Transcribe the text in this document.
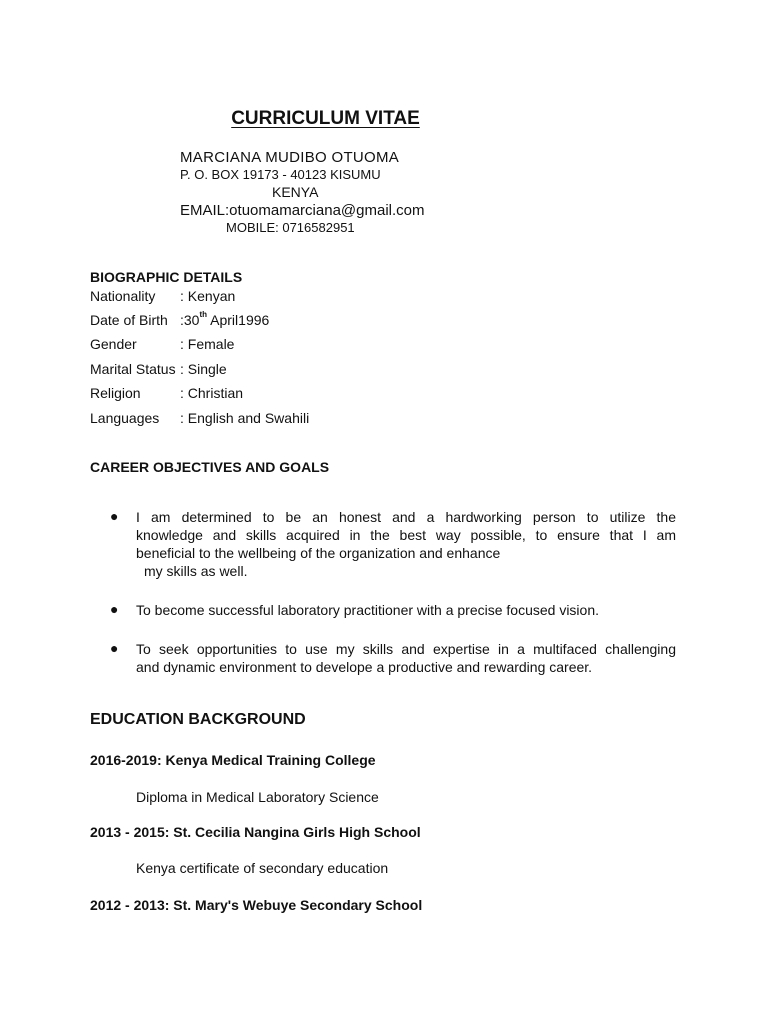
CURRICULUM VITAE
MARCIANA MUDIBO OTUOMA
P. O. BOX 19173 - 40123 KISUMU
KENYA
EMAIL:otuomamarciana@gmail.com
MOBILE: 0716582951
BIOGRAPHIC DETAILS
Nationality : Kenyan
Date of Birth :30th April1996
Gender	: Female
Marital Status : Single
Religion	: Christian
Languages : English and Swahili
CAREER OBJECTIVES AND GOALS
●	I am determined to be an honest and a hardworking person to utilize the
knowledge and skills acquired in the best way possible, to ensure that I am
beneficial to the wellbeing of the organization and enhance
my skills as well.
●	To become successful laboratory practitioner with a precise focused vision.
●	To seek opportunities to use my skills and expertise in a multifaced challenging
and dynamic environment to develope a productive and rewarding career.
EDUCATION BACKGROUND
2016-2019: Kenya Medical Training College
Diploma in Medical Laboratory Science
2013 - 2015: St. Cecilia Nangina Girls High School
Kenya certificate of secondary education
2012 - 2013: St. Mary's Webuye Secondary School
